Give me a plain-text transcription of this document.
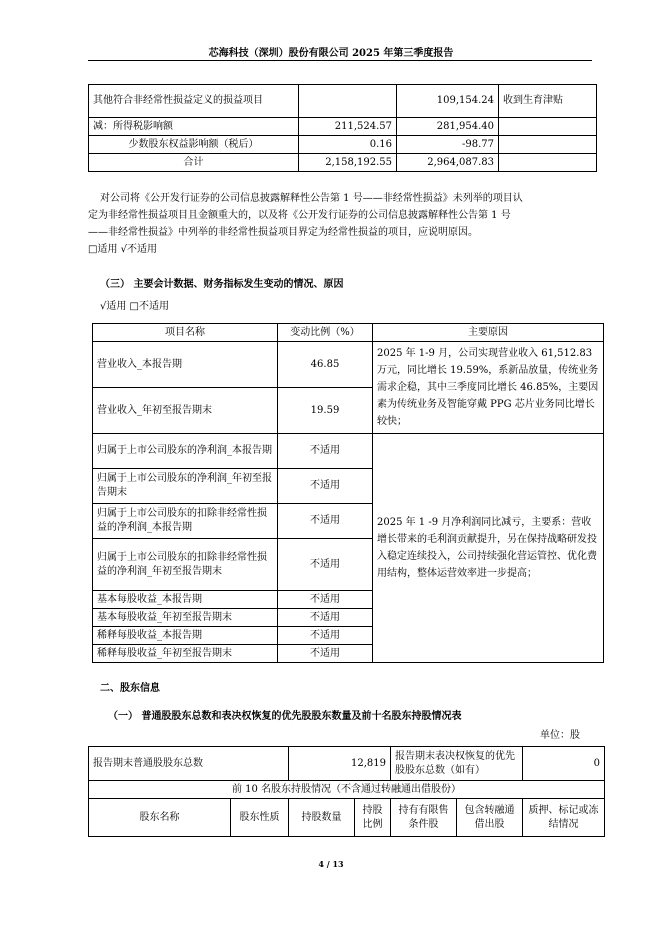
芯海科技（深圳）股份有限公司 2025 年第三季度报告
其他符合非经常性损益定义的损益项目		109,154.24	收到生育津贴
减：所得税影响额	211,524.57	281,954.40	
少数股东权益影响额（税后）	0.16	-98.77	
合计	2,158,192.55	2,964,087.83	
对公司将《公开发行证券的公司信息披露解释性公告第 1 号——非经常性损益》未列举的项目认
定为非经常性损益项目且金额重大的，以及将《公开发行证券的公司信息披露解释性公告第 1 号
——非经常性损益》中列举的非经常性损益项目界定为经常性损益的项目，应说明原因。
□适用 √不适用
（三） 主要会计数据、财务指标发生变动的情况、原因
√适用 □不适用
项目名称	变动比例（%）	主要原因
营业收入_本报告期	46.85	2025 年 1-9 月，公司实现营业收入 61,512.83 万元，同比增长 19.59%，系新品放量，传统业务需求企稳，其中三季度同比增长 46.85%，主要因素为传统业务及智能穿戴 PPG 芯片业务同比增长较快；
营业收入_年初至报告期末	19.59	
归属于上市公司股东的净利润_本报告期	不适用	2025 年 1 -9 月净利润同比减亏，主要系：营收增长带来的毛利润贡献提升，另在保持战略研发投入稳定连续投入，公司持续强化营运管控、优化费用结构，整体运营效率进一步提高；
归属于上市公司股东的净利润_年初至报告期末	不适用	
归属于上市公司股东的扣除非经常性损益的净利润_本报告期	不适用	
归属于上市公司股东的扣除非经常性损益的净利润_年初至报告期末	不适用	
基本每股收益_本报告期	不适用	
基本每股收益_年初至报告期末	不适用	
稀释每股收益_本报告期	不适用	
稀释每股收益_年初至报告期末	不适用	
二、股东信息
（一） 普通股股东总数和表决权恢复的优先股股东数量及前十名股东持股情况表
单位：股
报告期末普通股股东总数		12,819		报告期末表决权恢复的优先股股东总数（如有）		0
前 10 名股东持股情况（不含通过转融通出借股份）						
股东名称	股东性质	持股数量	持股比例	持有有限售条件股	包含转融通借出股	质押、标记或冻结情况
4 / 13
